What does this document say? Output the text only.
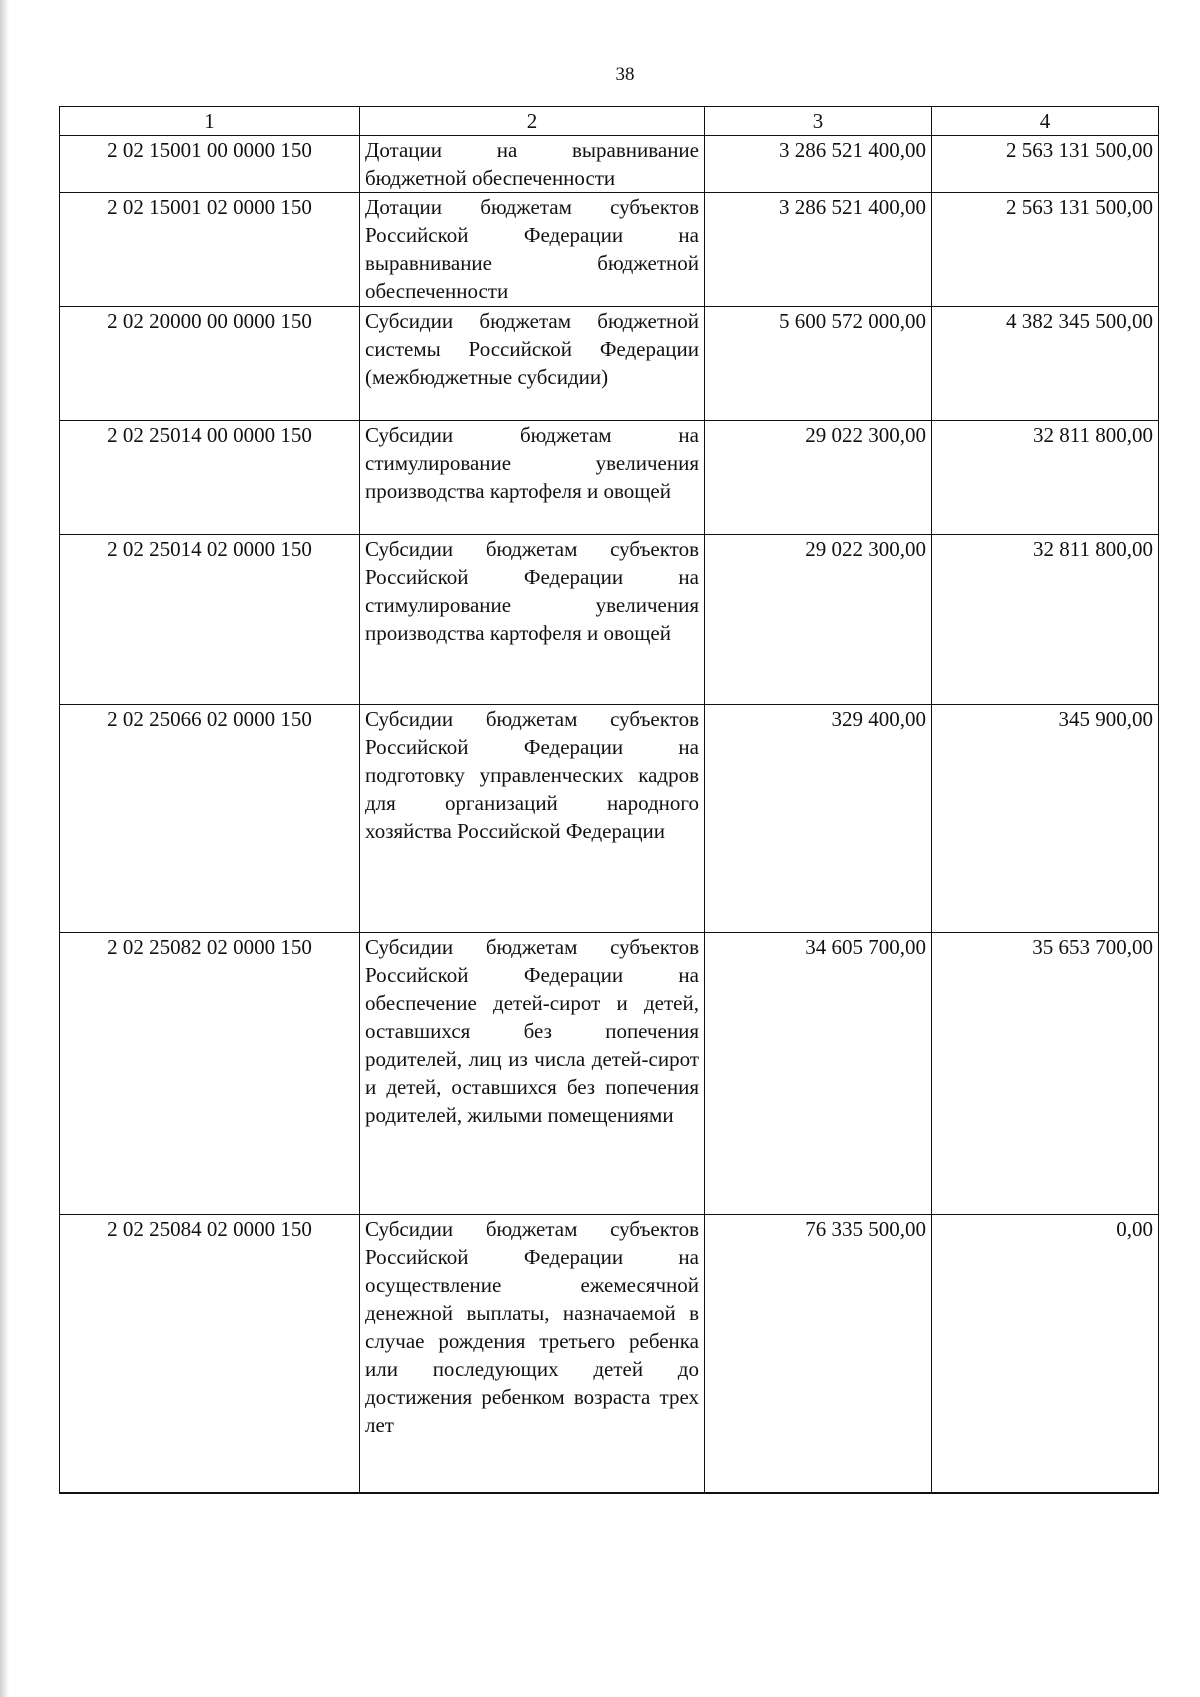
38
1	2	3	4
2 02 15001 00 0000 150	Дотации на выравнивание бюджетной обеспеченности	3 286 521 400,00	2 563 131 500,00
2 02 15001 02 0000 150	Дотации бюджетам субъектов Российской Федерации на выравнивание бюджетной обеспеченности	3 286 521 400,00	2 563 131 500,00
2 02 20000 00 0000 150	Субсидии бюджетам бюджетной системы Российской Федерации (межбюджетные субсидии)	5 600 572 000,00	4 382 345 500,00
2 02 25014 00 0000 150	Субсидии бюджетам на стимулирование увеличения производства картофеля и овощей	29 022 300,00	32 811 800,00
2 02 25014 02 0000 150	Субсидии бюджетам субъектов Российской Федерации на стимулирование увеличения производства картофеля и овощей	29 022 300,00	32 811 800,00
2 02 25066 02 0000 150	Субсидии бюджетам субъектов Российской Федерации на подготовку управленческих кадров для организаций народного хозяйства Российской Федерации	329 400,00	345 900,00
2 02 25082 02 0000 150	Субсидии бюджетам субъектов Российской Федерации на обеспечение детей-сирот и детей, оставшихся без попечения родителей, лиц из числа детей-сирот и детей, оставшихся без попечения родителей, жилыми помещениями	34 605 700,00	35 653 700,00
2 02 25084 02 0000 150	Субсидии бюджетам субъектов Российской Федерации на осуществление ежемесячной денежной выплаты, назначаемой в случае рождения третьего ребенка или последующих детей до достижения ребенком возраста трех лет	76 335 500,00	0,00
